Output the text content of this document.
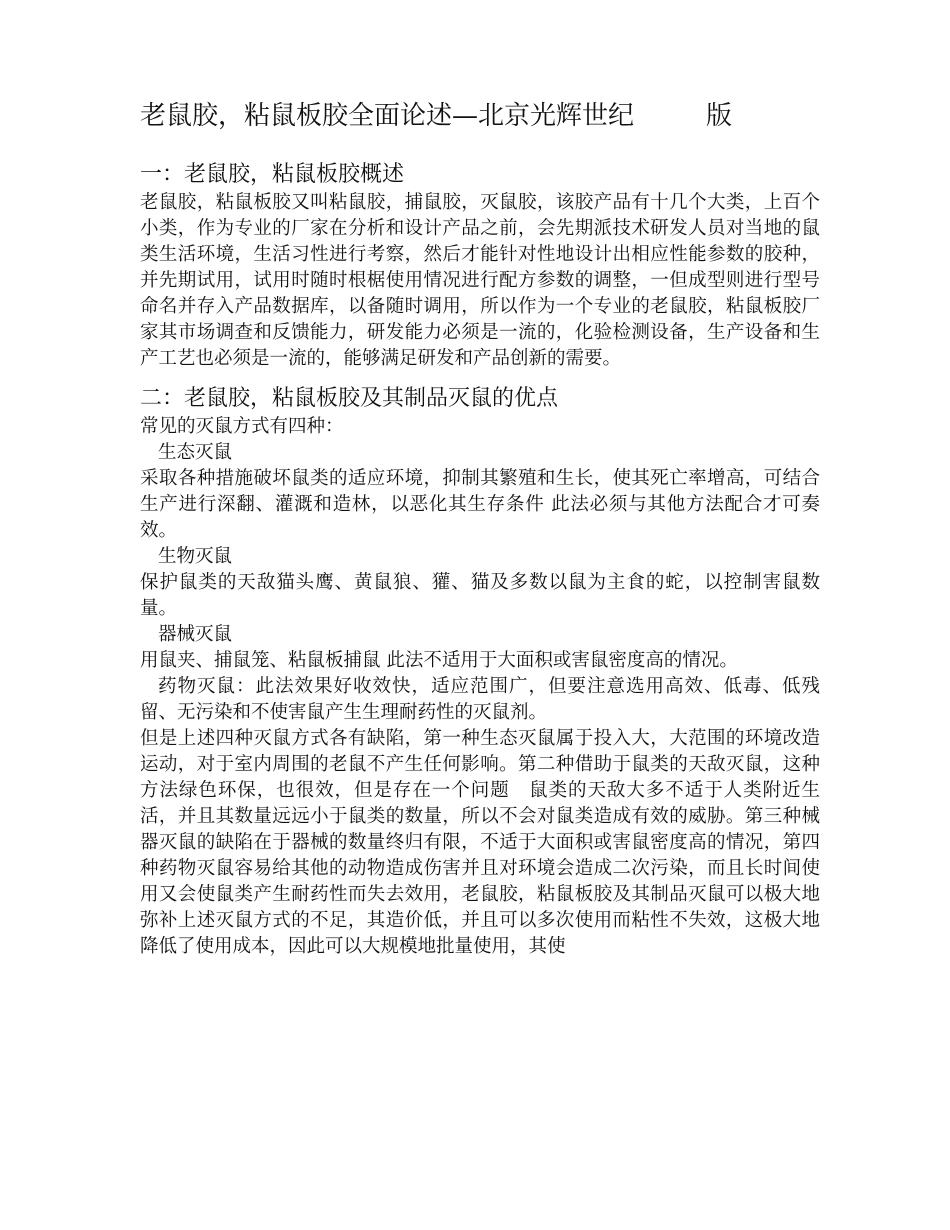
老鼠胶，粘鼠板胶全面论述—北京光辉世纪	版
一：老鼠胶，粘鼠板胶概述

老鼠胶，粘鼠板胶又叫粘鼠胶，捕鼠胶，灭鼠胶，该胶产品有十几个大类，上百个小类，作为专业的厂家在分析和设计产品之前，会先期派技术研发人员对当地的鼠类生活环境，生活习性进行考察，然后才能针对性地设计出相应性能参数的胶种，并先期试用，试用时随时根椐使用情况进行配方参数的调整，一但成型则进行型号命名并存入产品数据库，以备随时调用，所以作为一个专业的老鼠胶，粘鼠板胶厂家其市场调查和反馈能力，研发能力必须是一流的，化验检测设备，生产设备和生产工艺也必须是一流的，能够满足研发和产品创新的需要。

二：老鼠胶，粘鼠板胶及其制品灭鼠的优点

常见的灭鼠方式有四种：

生态灭鼠

采取各种措施破坏鼠类的适应环境，抑制其繁殖和生长，使其死亡率增高，可结合生产进行深翻、灌溉和造林，以恶化其生存条件 此法必须与其他方法配合才可奏效。

生物灭鼠

保护鼠类的天敌猫头鹰、黄鼠狼、獾、猫及多数以鼠为主食的蛇，以控制害鼠数量。

器械灭鼠

用鼠夹、捕鼠笼、粘鼠板捕鼠 此法不适用于大面积或害鼠密度高的情况。

药物灭鼠：此法效果好收效快，适应范围广，但要注意选用高效、低毒、低残留、无污染和不使害鼠产生生理耐药性的灭鼠剂。

但是上述四种灭鼠方式各有缺陷，第一种生态灭鼠属于投入大，大范围的环境改造运动，对于室内周围的老鼠不产生任何影响。第二种借助于鼠类的天敌灭鼠，这种方法绿色环保，也很效，但是存在一个问题　鼠类的天敌大多不适于人类附近生活，并且其数量远远小于鼠类的数量，所以不会对鼠类造成有效的威胁。第三种械器灭鼠的缺陷在于器械的数量终归有限，不适于大面积或害鼠密度高的情况，第四种药物灭鼠容易给其他的动物造成伤害并且对环境会造成二次污染，而且长时间使用又会使鼠类产生耐药性而失去效用，老鼠胶，粘鼠板胶及其制品灭鼠可以极大地弥补上述灭鼠方式的不足，其造价低，并且可以多次使用而粘性不失效，这极大地降低了使用成本，因此可以大规模地批量使用，其使
